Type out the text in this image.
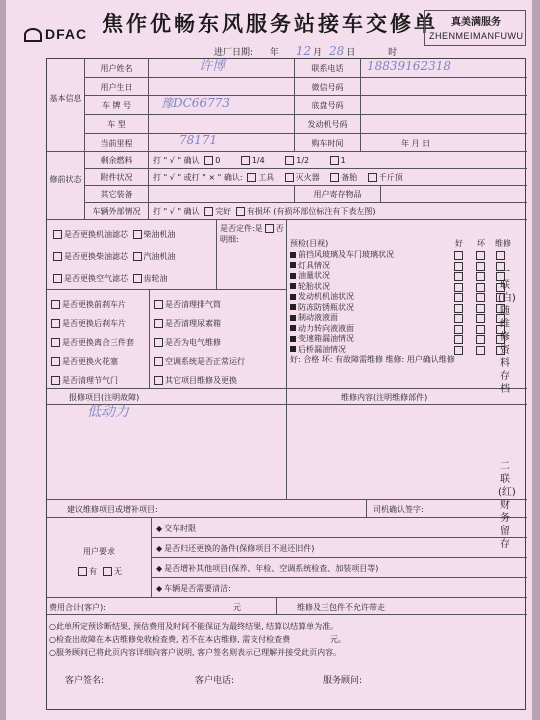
DFAC 焦作优畅东风服务站接车交修单 真美满服务
ZHENMEIMANFUWU
进厂日期: 年 12 月 28 日	时
基本信息
用户姓名	许博	联系电话	18839162318
用户生日	微信号码
车 牌 号	豫DC66773	底盘号码
车 型	发动机号码
当前里程	78171	购车时间	年 月 日
修前状态
剩余燃料	打 " √ " 确认 0	1/4	1/2	1
附件状况	打 " √ " 或打 " × " 确认: 工具	灭火器	备胎	千斤顶
其它装备	用户寄存物品
车辆外部情况	打 " √ " 确认 完好 有损坏 (有损坏部位标注有下表左图)
是否更换机油滤芯 柴油机油
是否更换柴油滤芯 汽油机油
是否更换空气滤芯 齿轮油
是否定件:是 否
明细:
是否更换前刹车片
是否更换后刹车片
是否更换离合三件套
是否更换火花塞
是否清理节气门
是否清理排气筒
是否清理尿素箱
是否为电气维修
空调系统是否正常运行
其它项目维修及更换
预检(目视)	好 坏 维修
前挡风玻璃及车门玻璃状况
灯具情况
油量状况
轮胎状况
发动机机油状况
防冻防锈瓶状况
制动液液面
动力转向液液面
变速箱漏油情况
后桥漏油情况
好: 合格 坏: 有故障需维修 维修: 用户确认维修
报修项目(注明故障)	维修内容(注明维修部件)
低动力
建议维修项目或增补项目:	司机确认签字:
用户要求
有 无
◆ 交车时限
◆ 是否归还更换的备件(保修项目不退还旧件)
◆ 是否增补其他项目(保养、年检、空调系统检查、加装项目等)
◆ 车辆是否需要清洁:
费用合计(客户):	元	维修及三包件不允许带走
○此单所定预诊断结果, 预估费用及时间不能保证为最终结果, 结算以结算单为准。
○检查出故障在本店维修免收检查费, 若不在本店维修, 需支付检查费	元。
○服务顾问已将此页内容详细向客户说明, 客户签名则表示已理解并接受此页内容。
客户签名:	客户电话:	服务顾问:
一联(白)随维修资料存档
二联(红)财务留存
